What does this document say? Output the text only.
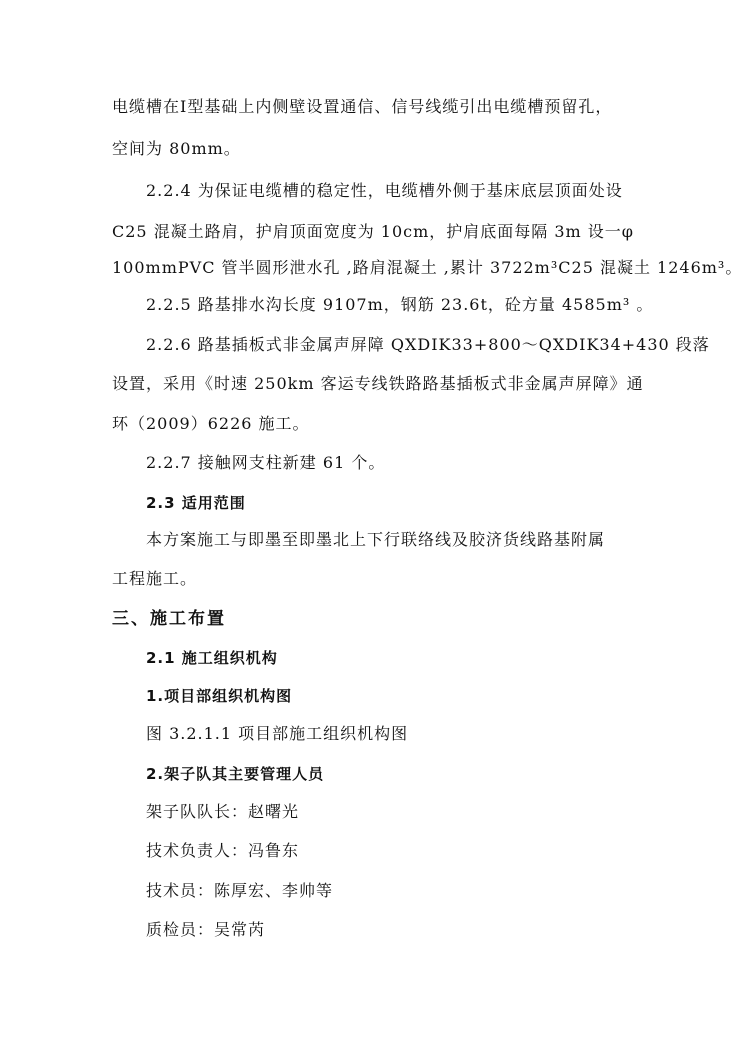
电缆槽在Ⅰ型基础上内侧壁设置通信、信号线缆引出电缆槽预留孔，
空间为 80mm。
2.2.4 为保证电缆槽的稳定性，电缆槽外侧于基床底层顶面处设
C25 混凝土路肩，护肩顶面宽度为 10cm，护肩底面每隔 3m 设一φ
100mmPVC 管半圆形泄水孔 ,路肩混凝土 ,累计 3722m³C25 混凝土 1246m³。
2.2.5 路基排水沟长度 9107m，钢筋 23.6t，砼方量 4585m³ 。
2.2.6 路基插板式非金属声屏障 QXDIK33+800～QXDIK34+430 段落
设置，采用《时速 250km 客运专线铁路路基插板式非金属声屏障》通
环（2009）6226 施工。
2.2.7 接触网支柱新建 61 个。
2.3 适用范围
本方案施工与即墨至即墨北上下行联络线及胶济货线路基附属
工程施工。
三、施工布置
2.1 施工组织机构
1.项目部组织机构图
图 3.2.1.1 项目部施工组织机构图
2.架子队其主要管理人员
架子队队长：赵曙光
技术负责人：冯鲁东
技术员：陈厚宏、李帅等
质检员：吴常芮
